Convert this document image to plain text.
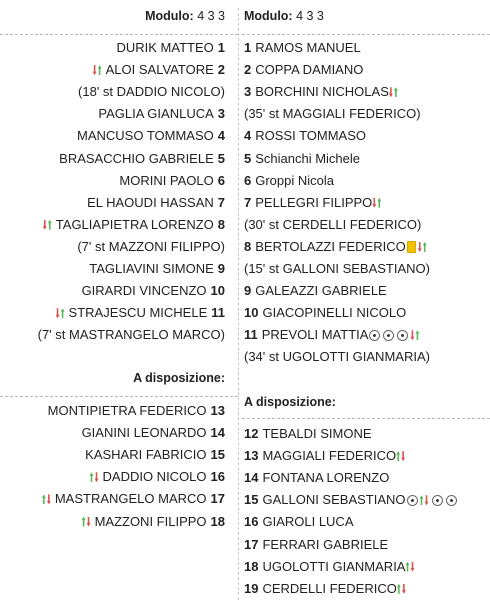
Modulo: 4 3 3
DURIK MATTEO 1
ALOI SALVATORE 2
(18' st DADDIO NICOLO)
PAGLIA GIANLUCA 3
MANCUSO TOMMASO 4
BRASACCHIO GABRIELE 5
MORINI PAOLO 6
EL HAOUDI HASSAN 7
TAGLIAPIETRA LORENZO 8
(7' st MAZZONI FILIPPO)
TAGLIAVINI SIMONE 9
GIRARDI VINCENZO 10
STRAJESCU MICHELE 11
(7' st MASTRANGELO MARCO)
A disposizione:
MONTIPIETRA FEDERICO 13
GIANINI LEONARDO 14
KASHARI FABRICIO 15
DADDIO NICOLO 16
MASTRANGELO MARCO 17
MAZZONI FILIPPO 18
Modulo: 4 3 3
1 RAMOS MANUEL
2 COPPA DAMIANO
3 BORCHINI NICHOLAS
(35' st MAGGIALI FEDERICO)
4 ROSSI TOMMASO
5 Schianchi Michele
6 Groppi Nicola
7 PELLEGRI FILIPPO
(30' st CERDELLI FEDERICO)
8 BERTOLAZZI FEDERICO
(15' st GALLONI SEBASTIANO)
9 GALEAZZI GABRIELE
10 GIACOPINELLI NICOLO
11 PREVOLI MATTIA
(34' st UGOLOTTI GIANMARIA)
A disposizione:
12 TEBALDI SIMONE
13 MAGGIALI FEDERICO
14 FONTANA LORENZO
15 GALLONI SEBASTIANO
16 GIAROLI LUCA
17 FERRARI GABRIELE
18 UGOLOTTI GIANMARIA
19 CERDELLI FEDERICO
